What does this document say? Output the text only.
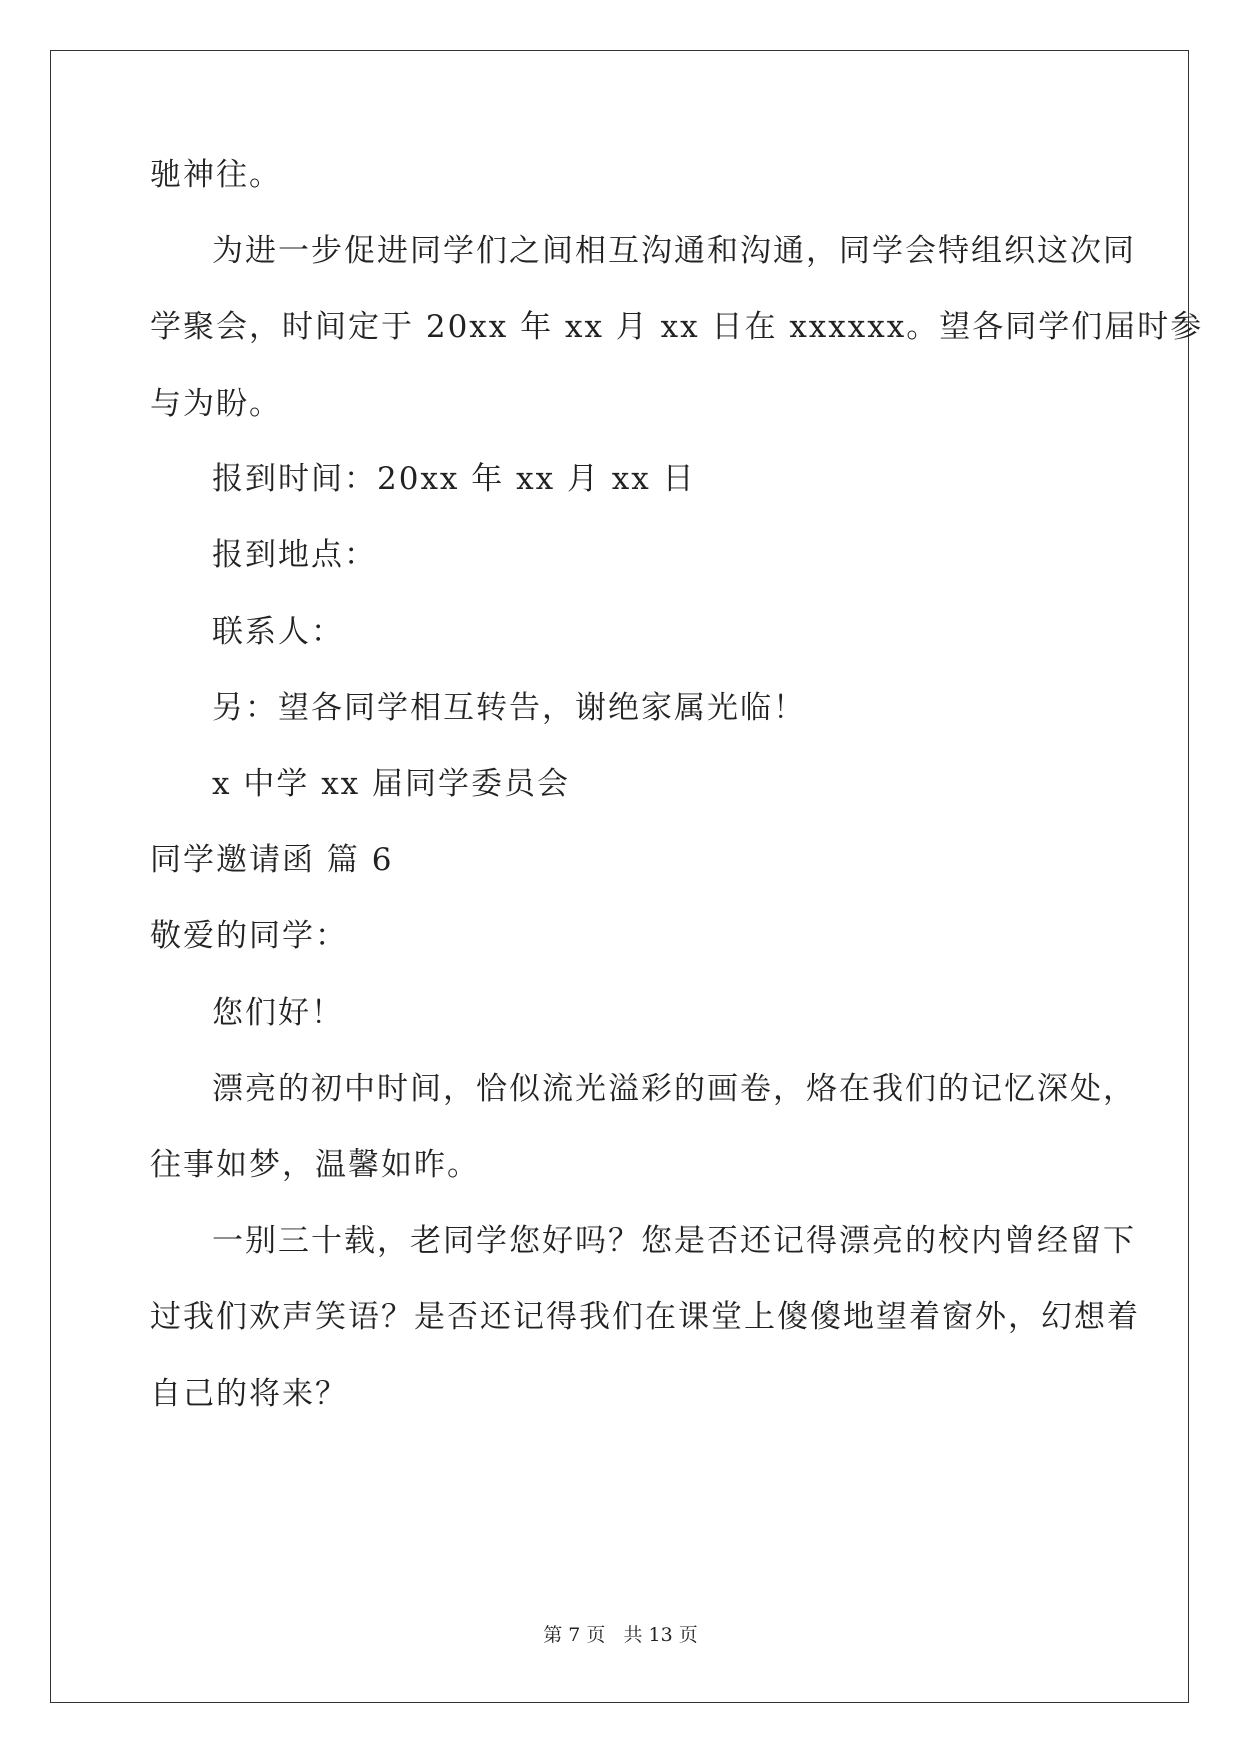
驰神往。
为进一步促进同学们之间相互沟通和沟通，同学会特组织这次同
学聚会，时间定于 20xx 年 xx 月 xx 日在 xxxxxx。望各同学们届时参
与为盼。
报到时间：20xx 年 xx 月 xx 日
报到地点：
联系人：
另：望各同学相互转告，谢绝家属光临！
x 中学 xx 届同学委员会
同学邀请函 篇 6
敬爱的同学：
您们好！
漂亮的初中时间，恰似流光溢彩的画卷，烙在我们的记忆深处，
往事如梦，温馨如昨。
一别三十载，老同学您好吗？您是否还记得漂亮的校内曾经留下
过我们欢声笑语？是否还记得我们在课堂上傻傻地望着窗外，幻想着
自己的将来？
第 7 页 共 13 页
